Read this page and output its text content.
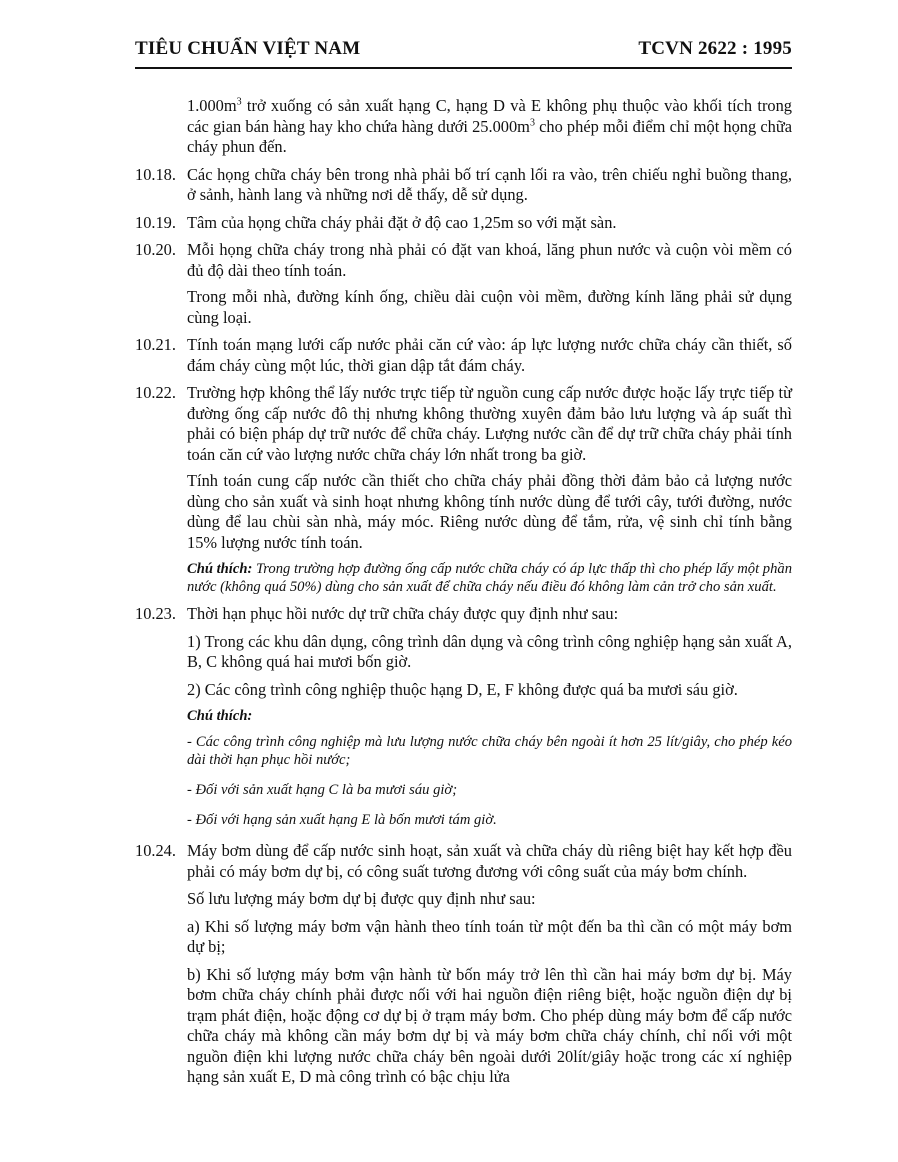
TIÊU CHUẨN VIỆT NAM	TCVN 2622 : 1995
$1.000m^3$ trở xuống có sản xuất hạng C, hạng D và E không phụ thuộc vào khối tích trong các gian bán hàng hay kho chứa hàng dưới $25.000m^3$ cho phép mỗi điểm chỉ một họng chữa cháy phun đến.
10.18. Các họng chữa cháy bên trong nhà phải bố trí cạnh lối ra vào, trên chiếu nghỉ buồng thang, ở sảnh, hành lang và những nơi dễ thấy, dễ sử dụng.
10.19. Tâm của họng chữa cháy phải đặt ở độ cao 1,25m so với mặt sàn.
10.20. Mỗi họng chữa cháy trong nhà phải có đặt van khoá, lăng phun nước và cuộn vòi mềm có đủ độ dài theo tính toán.
Trong mỗi nhà, đường kính ống, chiều dài cuộn vòi mềm, đường kính lăng phải sử dụng cùng loại.
10.21. Tính toán mạng lưới cấp nước phải căn cứ vào: áp lực lượng nước chữa cháy cần thiết, số đám cháy cùng một lúc, thời gian dập tắt đám cháy.
10.22. Trường hợp không thể lấy nước trực tiếp từ nguồn cung cấp nước được hoặc lấy trực tiếp từ đường ống cấp nước đô thị nhưng không thường xuyên đảm bảo lưu lượng và áp suất thì phải có biện pháp dự trữ nước để chữa cháy. Lượng nước cần để dự trữ chữa cháy phải tính toán căn cứ vào lượng nước chữa cháy lớn nhất trong ba giờ.
Tính toán cung cấp nước cần thiết cho chữa cháy phải đồng thời đảm bảo cả lượng nước dùng cho sản xuất và sinh hoạt nhưng không tính nước dùng để tưới cây, tưới đường, nước dùng để lau chùi sàn nhà, máy móc. Riêng nước dùng để tắm, rửa, vệ sinh chỉ tính bằng 15% lượng nước tính toán.
Chú thích: Trong trường hợp đường ống cấp nước chữa cháy có áp lực thấp thì cho phép lấy một phần nước (không quá 50%) dùng cho sản xuất để chữa cháy nếu điều đó không làm cản trở cho sản xuất.
10.23. Thời hạn phục hồi nước dự trữ chữa cháy được quy định như sau:
1) Trong các khu dân dụng, công trình dân dụng và công trình công nghiệp hạng sản xuất A, B, C không quá hai mươi bốn giờ.
2) Các công trình công nghiệp thuộc hạng D, E, F không được quá ba mươi sáu giờ.
Chú thích:
- Các công trình công nghiệp mà lưu lượng nước chữa cháy bên ngoài ít hơn 25 lít/giây, cho phép kéo dài thời hạn phục hồi nước;
- Đối với sản xuất hạng C là ba mươi sáu giờ;
- Đối với hạng sản xuất hạng E là bốn mươi tám giờ.
10.24. Máy bơm dùng để cấp nước sinh hoạt, sản xuất và chữa cháy dù riêng biệt hay kết hợp đều phải có máy bơm dự bị, có công suất tương đương với công suất của máy bơm chính.
Số lưu lượng máy bơm dự bị được quy định như sau:
a) Khi số lượng máy bơm vận hành theo tính toán từ một đến ba thì cần có một máy bơm dự bị;
b) Khi số lượng máy bơm vận hành từ bốn máy trở lên thì cần hai máy bơm dự bị. Máy bơm chữa cháy chính phải được nối với hai nguồn điện riêng biệt, hoặc nguồn điện dự bị trạm phát điện, hoặc động cơ dự bị ở trạm máy bơm. Cho phép dùng máy bơm để cấp nước chữa cháy mà không cần máy bơm dự bị và máy bơm chữa cháy chính, chỉ nối với một nguồn điện khi lượng nước chữa cháy bên ngoài dưới 20lít/giây hoặc trong các xí nghiệp hạng sản xuất E, D mà công trình có bậc chịu lửa
